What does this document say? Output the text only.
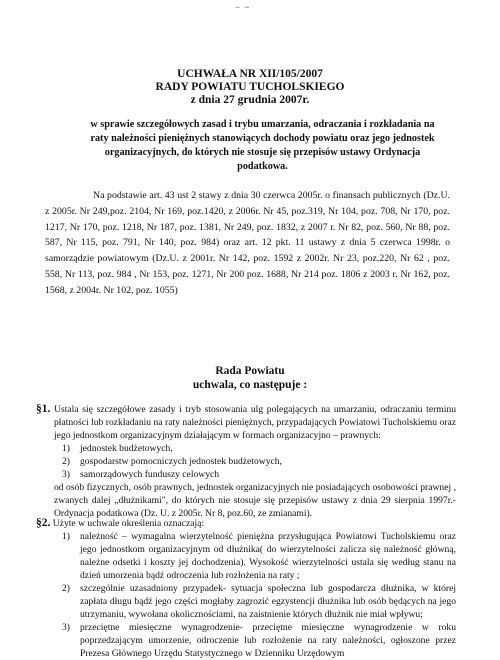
− −
UCHWAŁA NR XII/105/2007
RADY POWIATU TUCHOLSKIEGO
z dnia 27 grudnia 2007r.
w sprawie szczegółowych zasad i trybu umarzania, odraczania i rozkładania na raty należności pieniężnych stanowiących dochody powiatu oraz jego jednostek organizacyjnych, do których nie stosuje się przepisów ustawy Ordynacja podatkowa.
Na podstawie art. 43 ust 2 stawy z dnia 30 czerwca 2005r. o finansach publicznych (Dz.U. z 2005r. Nr 249,poz. 2104, Nr 169, poz.1420, z 2006r. Nr 45, poz.319, Nr 104, poz. 708, Nr 170, poz. 1217, Nr 170, poz. 1218, Nr 187, poz. 1381, Nr 249, poz. 1832, z 2007 r. Nr 82, poz. 560, Nr 88, poz. 587, Nr 115, poz. 791, Nr 140, poz. 984) oraz art. 12 pkt. 11 ustawy z dnia 5 czerwca 1998r. o samorządzie powiatowym (Dz.U. z 2001r. Nr 142, poz. 1592 z 2002r. Nr 23, poz.220, Nr 62 , poz. 558, Nr 113, poz. 984 , Nr 153, poz. 1271, Nr 200 poz. 1688, Nr 214 poz. 1806 z 2003 r. Nr 162, poz. 1568, z 2004r. Nr 102, poz. 1055)
Rada Powiatu
uchwala, co następuje :
§1. Ustala się szczegółowe zasady i tryb stosowania ulg polegających na umarzaniu, odraczaniu terminu płatności lub rozkładaniu na raty należności pieniężnych, przypadających Powiatowi Tucholskiemu oraz jego jednostkom organizacyjnym działającym w formach organizacyjno – prawnych:
1) jednostek budżetowych,
2) gospodarstw pomocniczych jednostek budżetowych,
3) samorządowych funduszy celowych
od osób fizycznych, osób prawnych, jednostek organizacyjnych nie posiadających osobowości prawnej , zwanych dalej „dłużnikami", do których nie stosuje się przepisów ustawy z dnia 29 sierpnia 1997r.- Ordynacja podatkowa (Dz. U. z 2005r. Nr 8, poz.60, ze zmianami).
§2. Użyte w uchwale określenia oznaczają:
1) należność – wymagalna wierzytelność pieniężna przysługująca Powiatowi Tucholskiemu oraz jego jednostkom organizacyjnym od dłużnika( do wierzytelności zalicza się należność główną, należne odsetki i koszty jej dochodzenia). Wysokość wierzytelności ustala się według stanu na dzień umorzenia bądź odroczenia lub rozłożenia na raty ;
2) szczególnie uzasadniony przypadek- sytuacja społeczna lub gospodarcza dłużnika, w której zapłata długu bądź jego części mogłaby zagrozić egzystencji dłużnika lub osób będących na jego utrzymaniu, wywołana okolicznościami, na zaistnienie których dłużnik nie miał wpływu;
3) przeciętne miesięczne wynagrodzenie- przeciętne miesięczne wynagrodzenie w roku poprzedzającym umorzenie, odroczenie lub rozłożenie na raty należności, ogłoszone przez Prezesa Głównego Urzędu Statystycznego w Dzienniku Urzędowym
